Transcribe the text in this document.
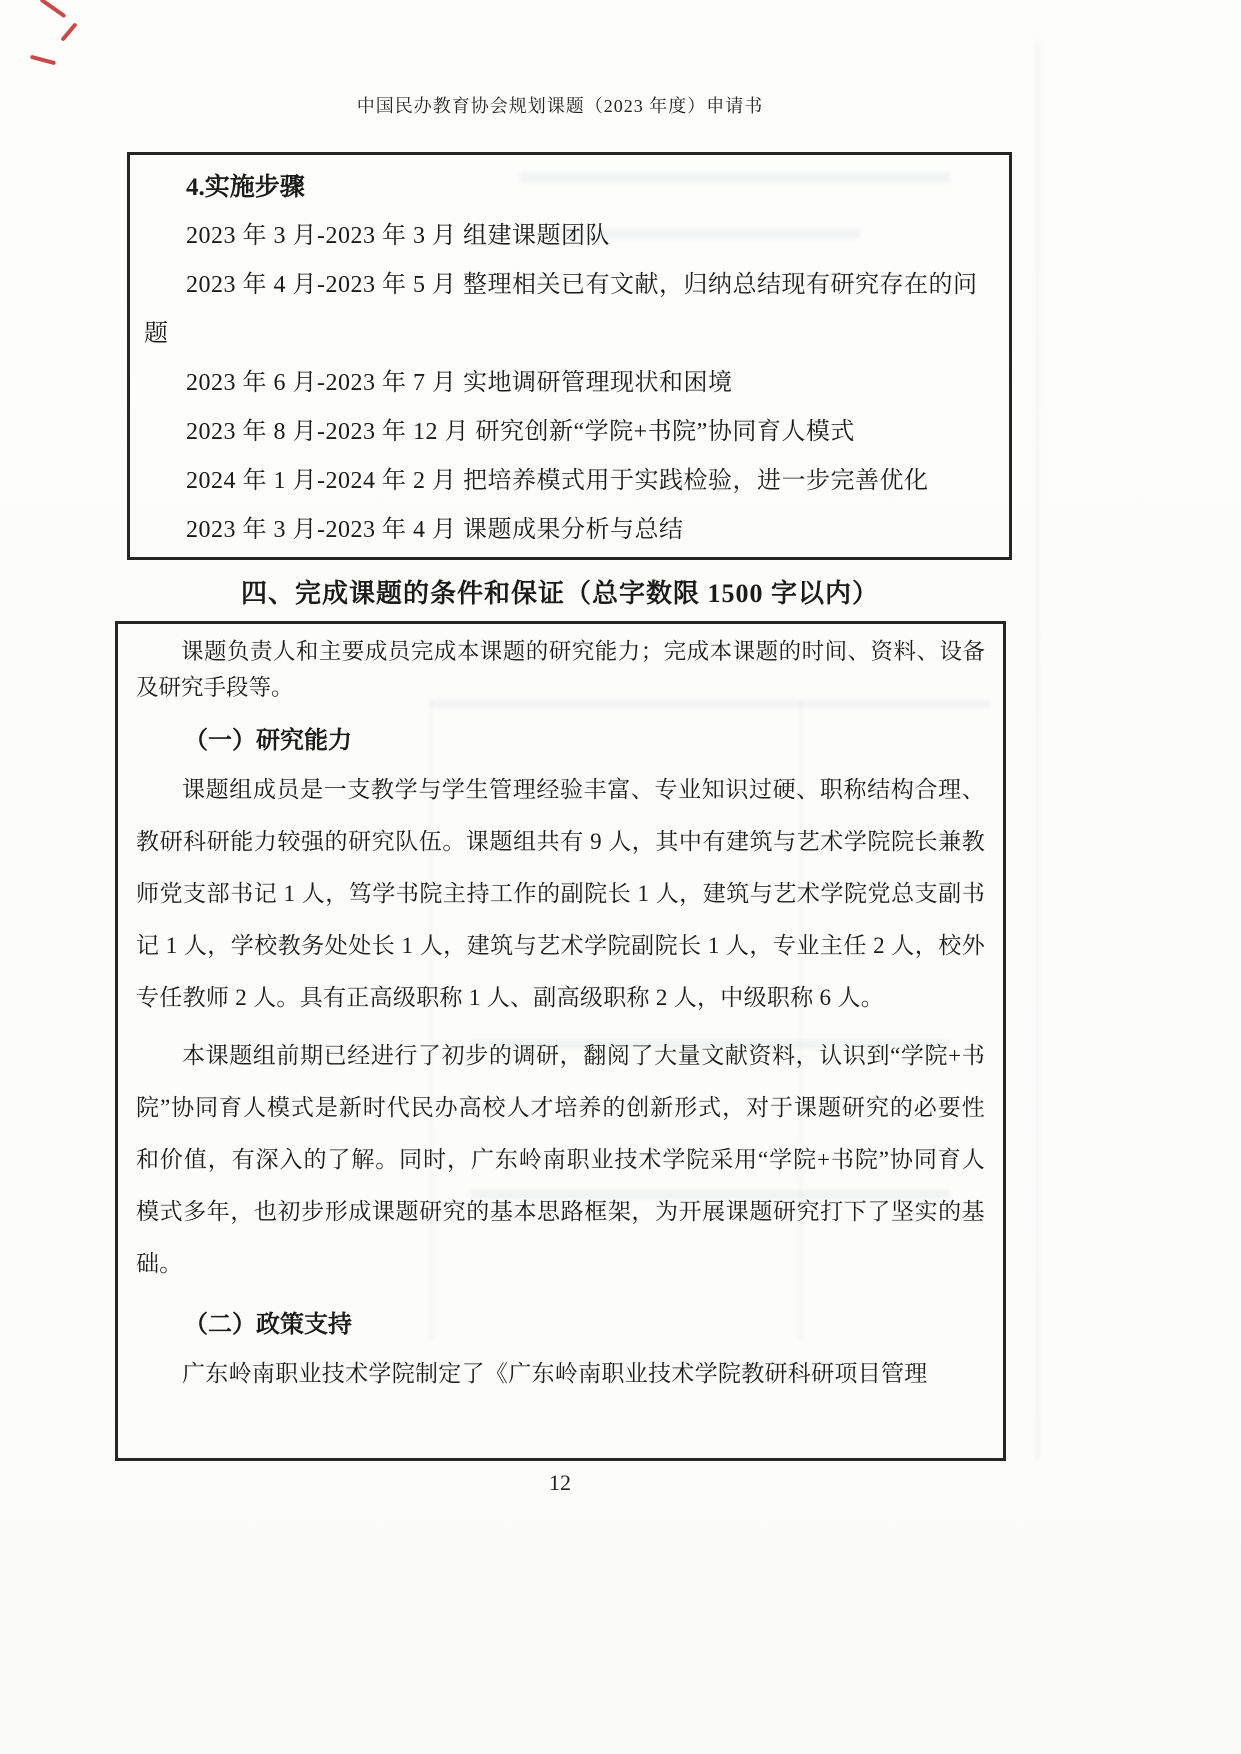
中国民办教育协会规划课题（2023 年度）申请书

4.实施步骤

2023 年 3 月-2023 年 3 月 组建课题团队

2023 年 4 月-2023 年 5 月 整理相关已有文献，归纳总结现有研究存在的问题

2023 年 6 月-2023 年 7 月 实地调研管理现状和困境

2023 年 8 月-2023 年 12 月 研究创新“学院+书院”协同育人模式

2024 年 1 月-2024 年 2 月 把培养模式用于实践检验，进一步完善优化

2023 年 3 月-2023 年 4 月 课题成果分析与总结

四、完成课题的条件和保证（总字数限 1500 字以内）

课题负责人和主要成员完成本课题的研究能力；完成本课题的时间、资料、设备及研究手段等。

（一）研究能力

课题组成员是一支教学与学生管理经验丰富、专业知识过硬、职称结构合理、教研科研能力较强的研究队伍。课题组共有 9 人，其中有建筑与艺术学院院长兼教师党支部书记 1 人，笃学书院主持工作的副院长 1 人，建筑与艺术学院党总支副书记 1 人，学校教务处处长 1 人，建筑与艺术学院副院长 1 人，专业主任 2 人，校外专任教师 2 人。具有正高级职称 1 人、副高级职称 2 人，中级职称 6 人。

本课题组前期已经进行了初步的调研，翻阅了大量文献资料，认识到“学院+书院”协同育人模式是新时代民办高校人才培养的创新形式，对于课题研究的必要性和价值，有深入的了解。同时，广东岭南职业技术学院采用“学院+书院”协同育人模式多年，也初步形成课题研究的基本思路框架，为开展课题研究打下了坚实的基础。

（二）政策支持

广东岭南职业技术学院制定了《广东岭南职业技术学院教研科研项目管理

12
